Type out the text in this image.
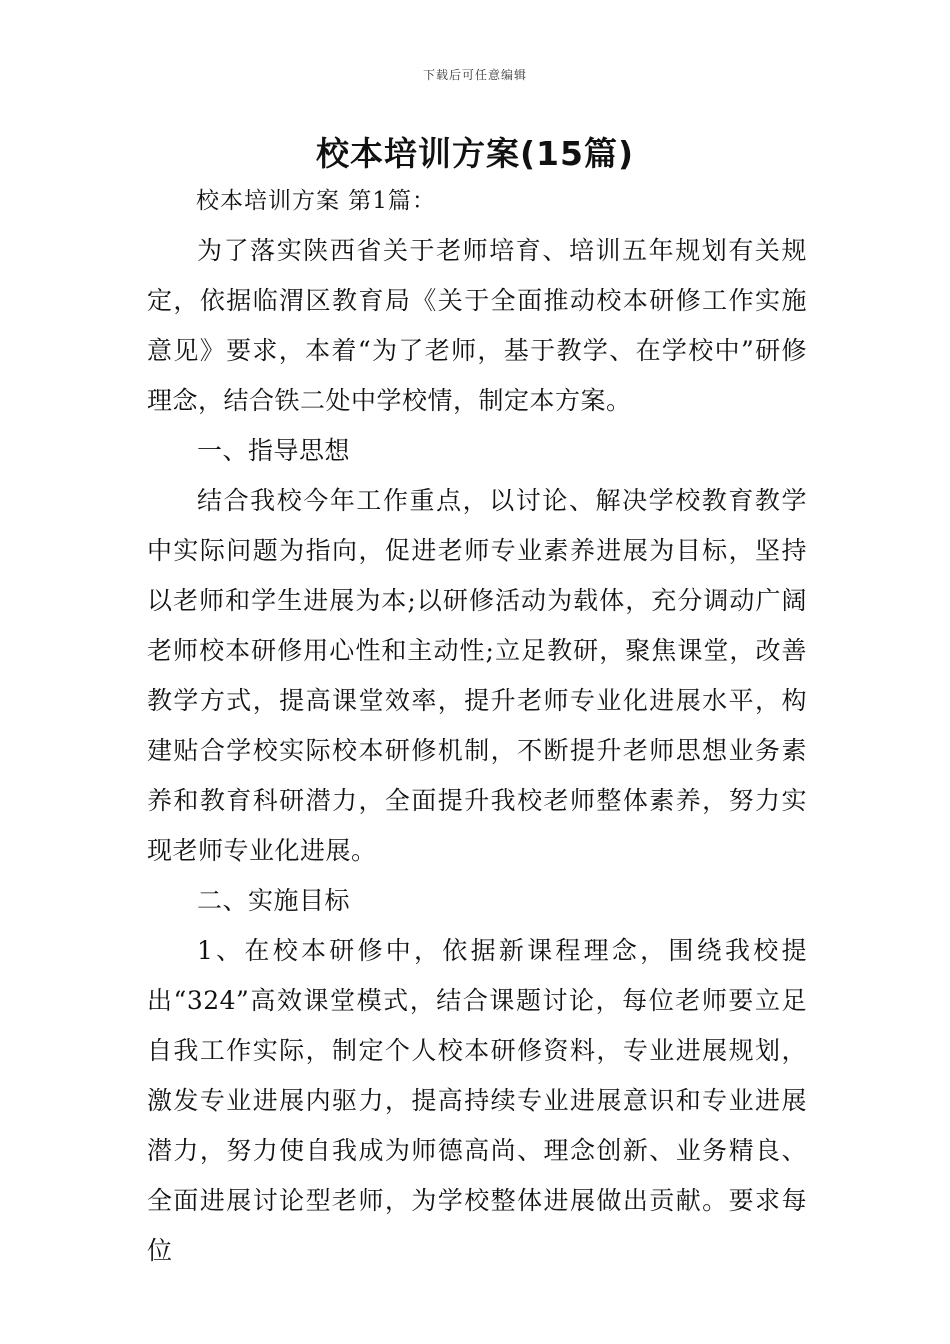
下载后可任意编辑
校本培训方案(15篇)
校本培训方案 第1篇：

为了落实陕西省关于老师培育、培训五年规划有关规定，依据临渭区教育局《关于全面推动校本研修工作实施意见》要求，本着“为了老师，基于教学、在学校中”研修理念，结合铁二处中学校情，制定本方案。

一、指导思想

结合我校今年工作重点，以讨论、解决学校教育教学中实际问题为指向，促进老师专业素养进展为目标，坚持以老师和学生进展为本;以研修活动为载体，充分调动广阔老师校本研修用心性和主动性;立足教研，聚焦课堂，改善教学方式，提高课堂效率，提升老师专业化进展水平，构建贴合学校实际校本研修机制，不断提升老师思想业务素养和教育科研潜力，全面提升我校老师整体素养，努力实现老师专业化进展。

二、实施目标

1、在校本研修中，依据新课程理念，围绕我校提出“324”高效课堂模式，结合课题讨论，每位老师要立足自我工作实际，制定个人校本研修资料，专业进展规划，激发专业进展内驱力，提高持续专业进展意识和专业进展潜力，努力使自我成为师德高尚、理念创新、业务精良、全面进展讨论型老师，为学校整体进展做出贡献。要求每位
